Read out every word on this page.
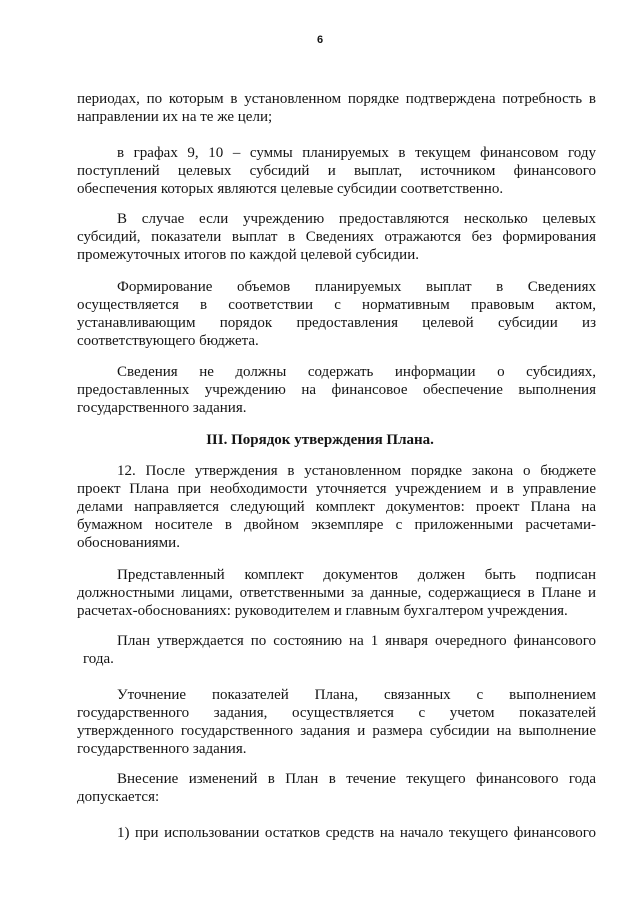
6
периодах, по которым в установленном порядке подтверждена потребность в
направлении их на те же цели;
в графах 9, 10 – суммы планируемых в текущем финансовом году
поступлений целевых субсидий и выплат, источником финансового
обеспечения которых являются целевые субсидии соответственно.
В случае если учреждению предоставляются несколько целевых
субсидий, показатели выплат в Сведениях отражаются без формирования
промежуточных итогов по каждой целевой субсидии.
Формирование объемов планируемых выплат в Сведениях
осуществляется в соответствии с нормативным правовым актом,
устанавливающим порядок предоставления целевой субсидии из
соответствующего бюджета.
Сведения не должны содержать информации о субсидиях,
предоставленных учреждению на финансовое обеспечение выполнения
государственного задания.
III. Порядок утверждения Плана.
12. После утверждения в установленном порядке закона о бюджете
проект Плана при необходимости уточняется учреждением и в управление
делами направляется следующий комплект документов: проект Плана на
бумажном носителе в двойном экземпляре с приложенными расчетами-
обоснованиями.
Представленный комплект документов должен быть подписан
должностными лицами, ответственными за данные, содержащиеся в Плане и
расчетах-обоснованиях: руководителем и главным бухгалтером учреждения.
План утверждается по состоянию на 1 января очередного финансового
года.
Уточнение показателей Плана, связанных с выполнением
государственного задания, осуществляется с учетом показателей
утвержденного государственного задания и размера субсидии на выполнение
государственного задания.
Внесение изменений в План в течение текущего финансового года
допускается:
1) при использовании остатков средств на начало текущего финансового
